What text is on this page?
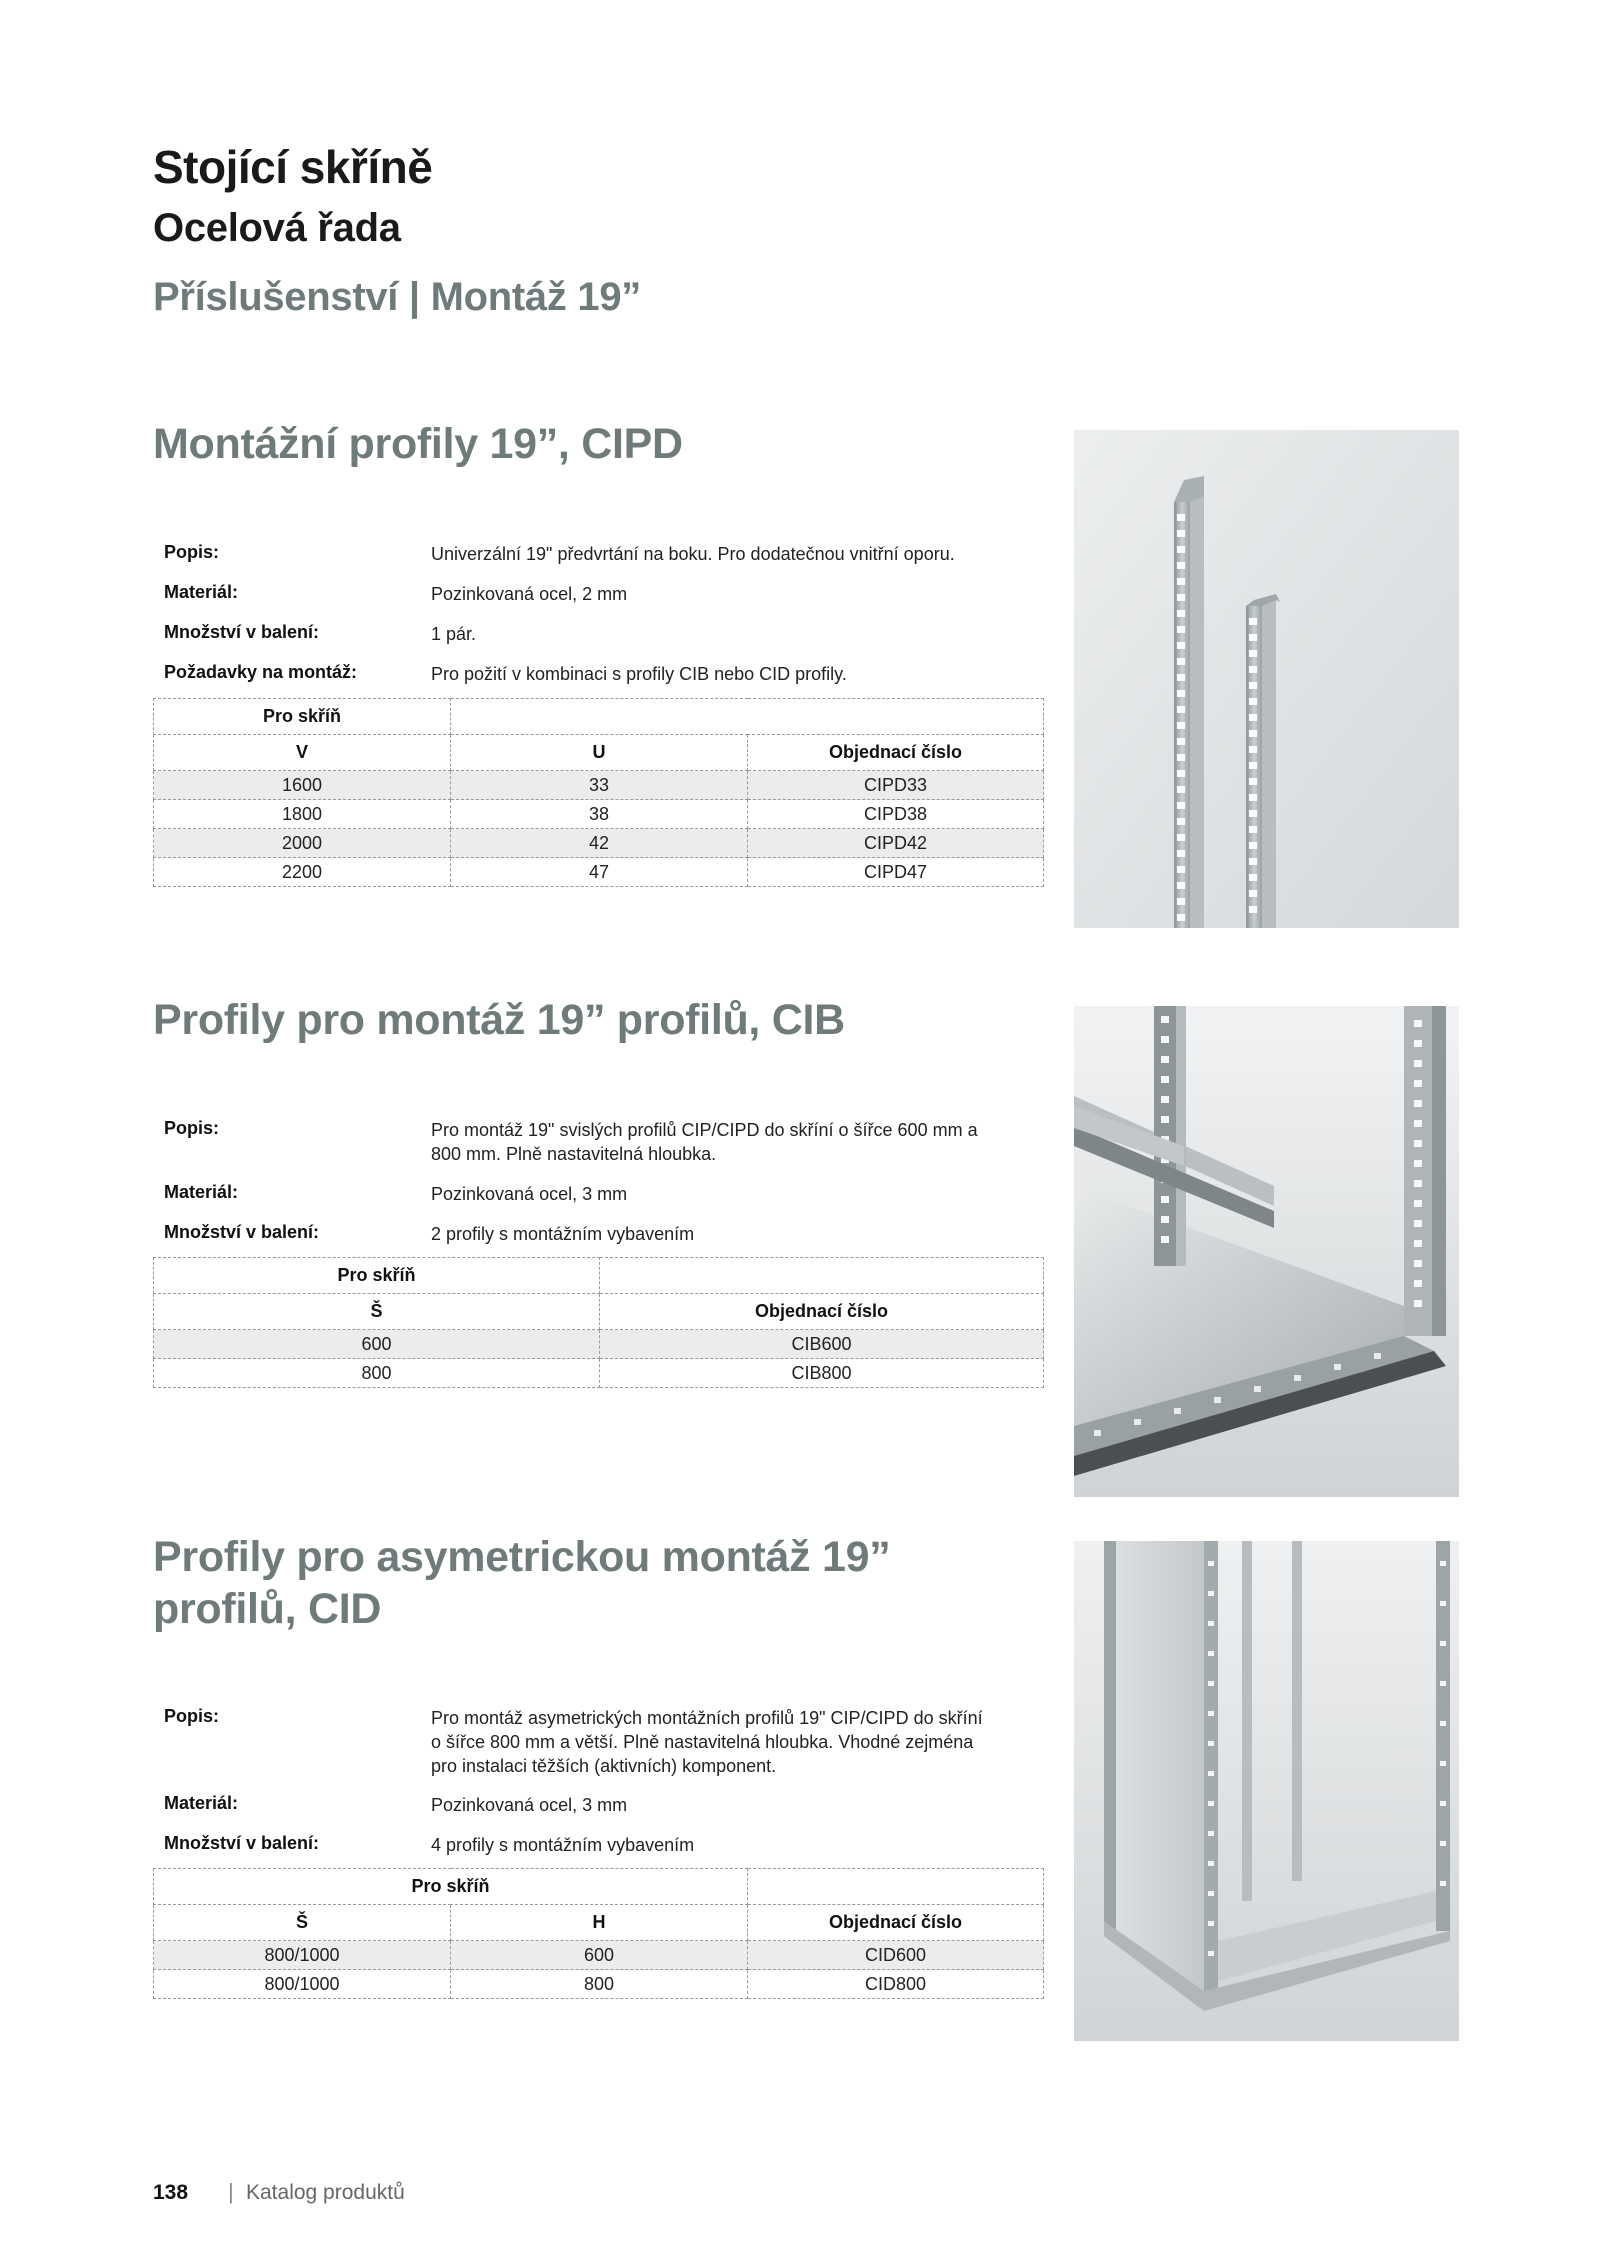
Stojící skříně
Ocelová řada
Příslušenství | Montáž 19”
Montážní profily 19”, CIPD
Popis:	Univerzální 19" předvrtání na boku. Pro dodatečnou vnitřní oporu.
Materiál:	Pozinkovaná ocel, 2 mm
Množství v balení:	1 pár.
Požadavky na montáž:	Pro požití v kombinaci s profily CIB nebo CID profily.
Pro skříň		
V	U	Objednací číslo
1600	33	CIPD33
1800	38	CIPD38
2000	42	CIPD42
2200	47	CIPD47
Profily pro montáž 19” profilů, CIB
Popis:	Pro montáž 19" svislých profilů CIP/CIPD do skříní o šířce 600 mm a
800 mm. Plně nastavitelná hloubka.
Materiál:	Pozinkovaná ocel, 3 mm
Množství v balení:	2 profily s montážním vybavením
Pro skříň	
Š	Objednací číslo
600	CIB600
800	CIB800
Profily pro asymetrickou montáž 19”
profilů, CID
Popis:	Pro montáž asymetrických montážních profilů 19" CIP/CIPD do skříní
o šířce 800 mm a větší. Plně nastavitelná hloubka. Vhodné zejména
pro instalaci těžších (aktivních) komponent.
Materiál:	Pozinkovaná ocel, 3 mm
Množství v balení:	4 profily s montážním vybavením
Pro skříň		
Š	H	Objednací číslo
800/1000	600	CID600
800/1000	800	CID800
138 | Katalog produktů
